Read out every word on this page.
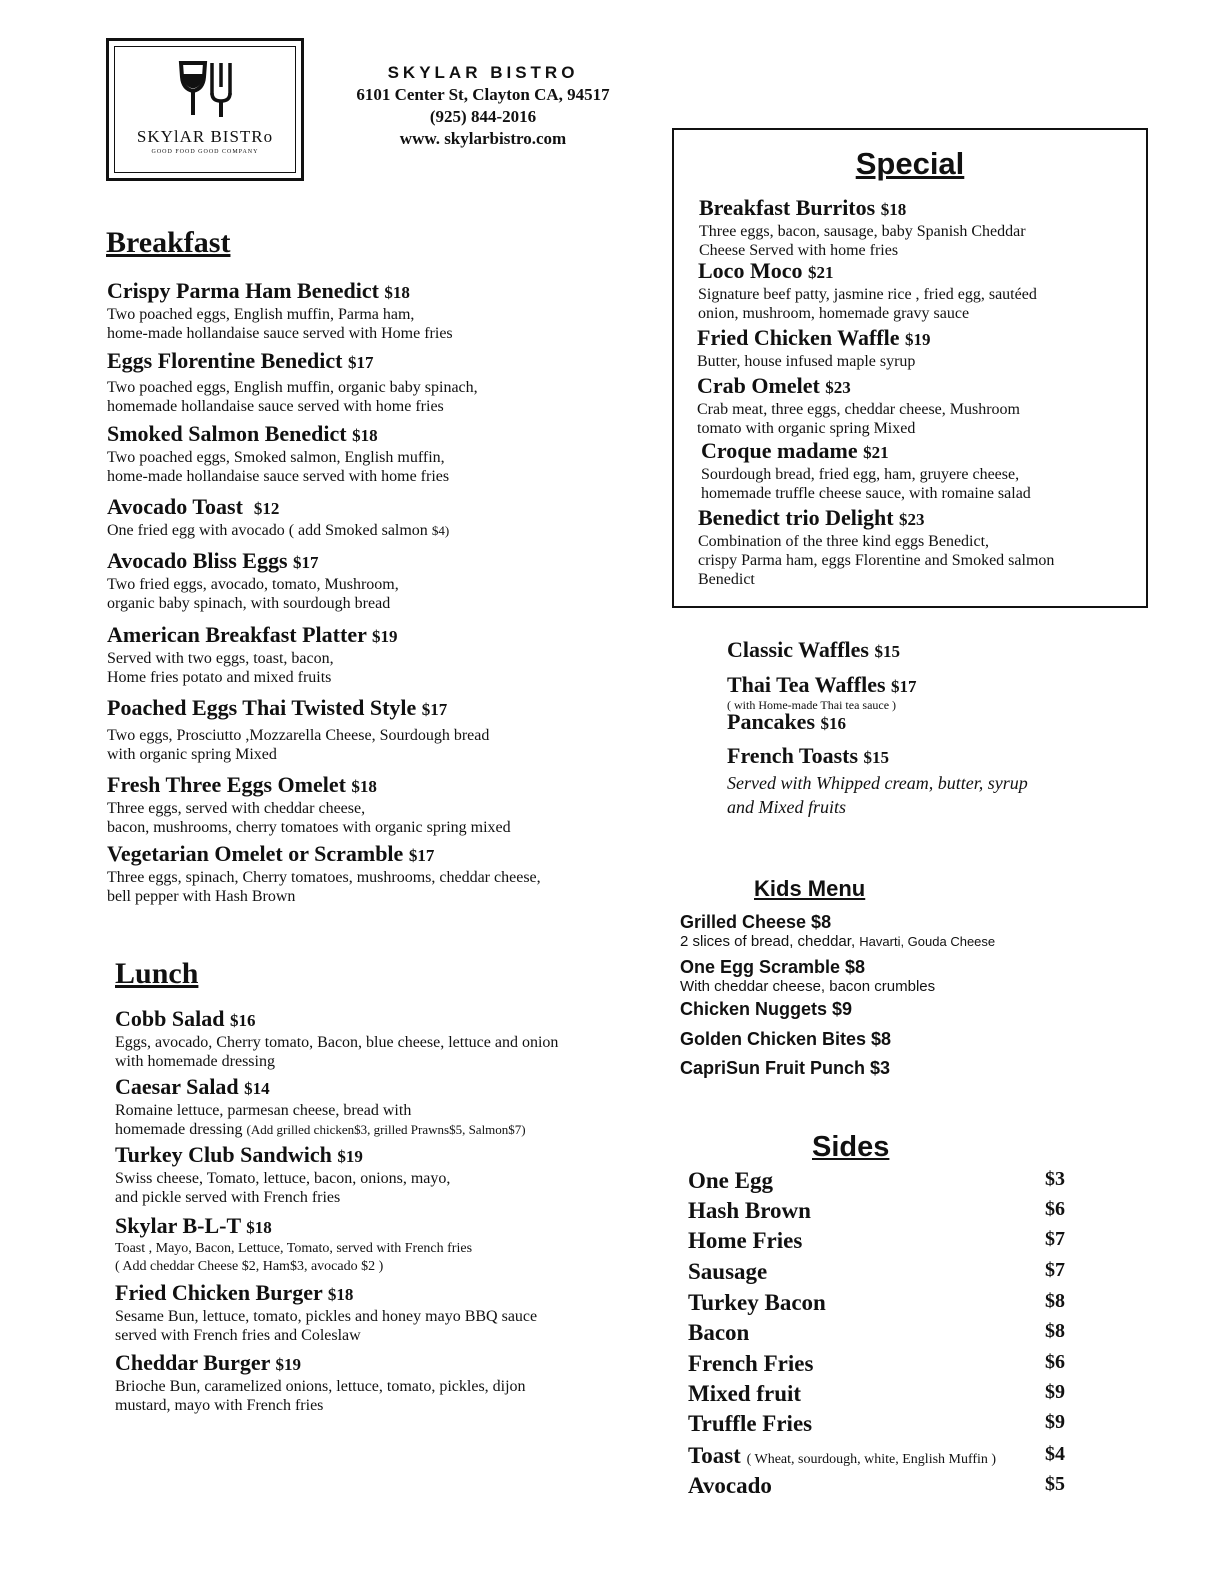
SKYlAR BISTRo
GOOD FOOD GOOD COMPANY
SKYLAR BISTRO
6101 Center St, Clayton CA, 94517
(925) 844-2016
www. skylarbistro.com
Breakfast
Crispy Parma Ham Benedict $18
Two poached eggs, English muffin, Parma ham,
home-made hollandaise sauce served with Home fries
Eggs Florentine Benedict $17
Two poached eggs, English muffin, organic baby spinach,
homemade hollandaise sauce served with home fries
Smoked Salmon Benedict $18
Two poached eggs, Smoked salmon, English muffin,
home-made hollandaise sauce served with home fries
Avocado Toast $12
One fried egg with avocado ( add Smoked salmon $4)
Avocado Bliss Eggs $17
Two fried eggs, avocado, tomato, Mushroom,
organic baby spinach, with sourdough bread
American Breakfast Platter $19
Served with two eggs, toast, bacon,
Home fries potato and mixed fruits
Poached Eggs Thai Twisted Style $17
Two eggs, Prosciutto ,Mozzarella Cheese, Sourdough bread
with organic spring Mixed
Fresh Three Eggs Omelet $18
Three eggs, served with cheddar cheese,
bacon, mushrooms, cherry tomatoes with organic spring mixed
Vegetarian Omelet or Scramble $17
Three eggs, spinach, Cherry tomatoes, mushrooms, cheddar cheese,
bell pepper with Hash Brown
Lunch
Cobb Salad $16
Eggs, avocado, Cherry tomato, Bacon, blue cheese, lettuce and onion
with homemade dressing
Caesar Salad $14
Romaine lettuce, parmesan cheese, bread with
homemade dressing (Add grilled chicken$3, grilled Prawns$5, Salmon$7)
Turkey Club Sandwich $19
Swiss cheese, Tomato, lettuce, bacon, onions, mayo,
and pickle served with French fries
Skylar B-L-T $18
Toast , Mayo, Bacon, Lettuce, Tomato, served with French fries
( Add cheddar Cheese $2, Ham$3, avocado $2 )
Fried Chicken Burger $18
Sesame Bun, lettuce, tomato, pickles and honey mayo BBQ sauce
served with French fries and Coleslaw
Cheddar Burger $19
Brioche Bun, caramelized onions, lettuce, tomato, pickles, dijon
mustard, mayo with French fries
Special
Breakfast Burritos $18
Three eggs, bacon, sausage, baby Spanish Cheddar
Cheese Served with home fries
Loco Moco $21
Signature beef patty, jasmine rice , fried egg, sautéed
onion, mushroom, homemade gravy sauce
Fried Chicken Waffle $19
Butter, house infused maple syrup
Crab Omelet $23
Crab meat, three eggs, cheddar cheese, Mushroom
tomato with organic spring Mixed
Croque madame $21
Sourdough bread, fried egg, ham, gruyere cheese,
homemade truffle cheese sauce, with romaine salad
Benedict trio Delight $23
Combination of the three kind eggs Benedict,
crispy Parma ham, eggs Florentine and Smoked salmon
Benedict
Classic Waffles $15
Thai Tea Waffles $17
( with Home-made Thai tea sauce )
Pancakes $16
French Toasts $15
Served with Whipped cream, butter, syrup
and Mixed fruits
Kids Menu
Grilled Cheese $8
2 slices of bread, cheddar, Havarti, Gouda Cheese
One Egg Scramble $8
With cheddar cheese, bacon crumbles
Chicken Nuggets $9
Golden Chicken Bites $8
CapriSun Fruit Punch $3
Sides
One Egg	$3
Hash Brown	$6
Home Fries	$7
Sausage	$7
Turkey Bacon	$8
Bacon	$8
French Fries	$6
Mixed fruit	$9
Truffle Fries	$9
Toast ( Wheat, sourdough, white, English Muffin ) $4
Avocado	$5
